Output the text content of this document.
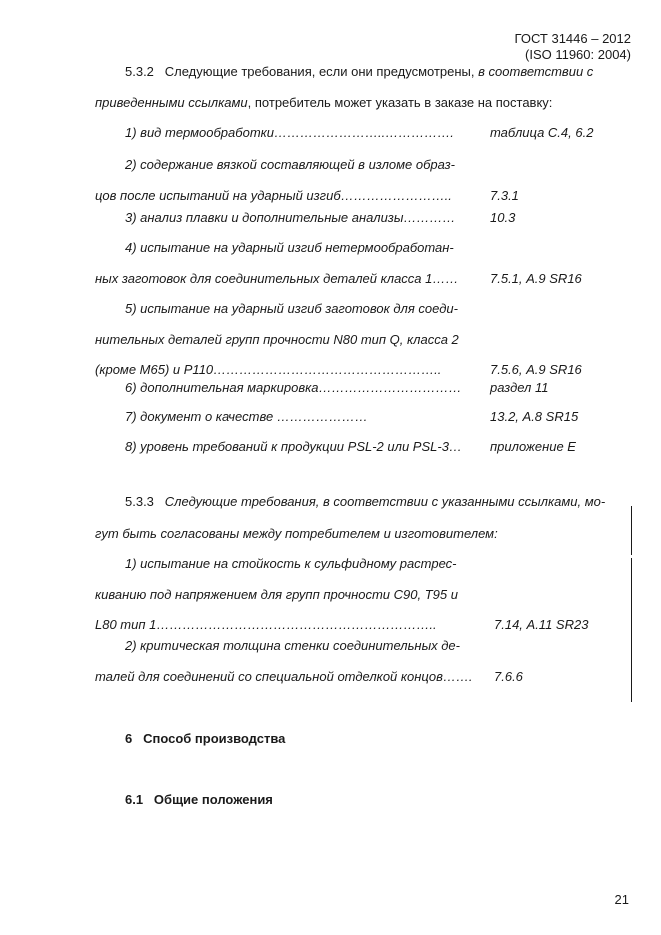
ГОСТ 31446 – 2012
(ISO 11960: 2004)
5.3.2 Следующие требования, если они предусмотрены, в соответствии с
приведенными ссылками, потребитель может указать в заказе на поставку:
1) вид термообработки……………………..…………….	таблица С.4, 6.2
2) содержание вязкой составляющей в изломе образ-
цов после испытаний на ударный изгиб……………………..	7.3.1
3) анализ плавки и дополнительные анализы…………	10.3
4) испытание на ударный изгиб нетермообработан-
ных заготовок для соединительных деталей класса 1…… 7.5.1, А.9 SR16
5) испытание на ударный изгиб заготовок для соеди-
нительных деталей групп прочности N80 тип Q, класса 2
(кроме М65) и Р110……………………………………………..	7.5.6, А.9 SR16
6) дополнительная маркировка…………………………… раздел 11
7) документ о качестве …………………	13.2, А.8 SR15
8) уровень требований к продукции PSL-2 или PSL-3… приложение Е
5.3.3 Следующие требования, в соответствии с указанными ссылками, мо-
гут быть согласованы между потребителем и изготовителем:
1) испытание на стойкость к сульфидному растрес-
киванию под напряжением для групп прочности С90, Т95 и
L80 тип 1………………………………………………………..	7.14, А.11 SR23
2) критическая толщина стенки соединительных де-
талей для соединений со специальной отделкой концов……. 7.6.6
6 Способ производства
6.1 Общие положения
21
